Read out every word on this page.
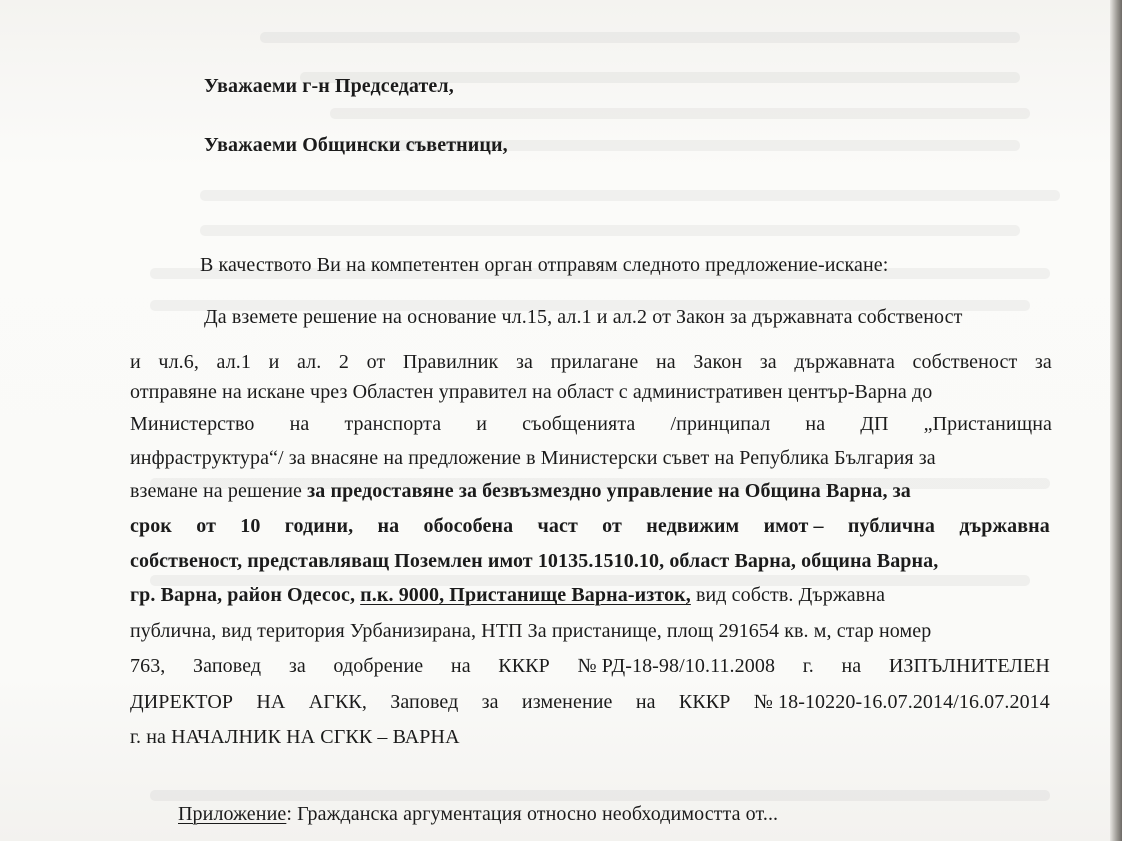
Уважаеми г-н Председател,
Уважаеми Общински съветници,
В качеството Ви на компетентен орган отправям следното предложение-искане:
Да вземете решение на основание чл.15, ал.1 и ал.2 от Закон за държавната собственост
и чл.6, ал.1 и ал. 2 от Правилник за прилагане на Закон за държавната собственост за
отправяне на искане чрез Областен управител на област с административен център-Варна до
Министерство на транспорта и съобщенията /принципал на ДП „Пристанищна
инфраструктура“/ за внасяне на предложение в Министерски съвет на Република България за
вземане на решение за предоставяне за безвъзмездно управление на Община Варна, за
срок от 10 години, на обособена част от недвижим имот – публична държавна
собственост, представляващ Поземлен имот 10135.1510.10, област Варна, община Варна,
гр. Варна, район Одесос, п.к. 9000, Пристанище Варна-изток, вид собств. Държавна
публична, вид територия Урбанизирана, НТП За пристанище, площ 291654 кв. м, стар номер
763, Заповед за одобрение на КККР № РД-18-98/10.11.2008 г. на ИЗПЪЛНИТЕЛЕН
ДИРЕКТОР НА АГКК, Заповед за изменение на КККР № 18-10220-16.07.2014/16.07.2014
г. на НАЧАЛНИК НА СГКК – ВАРНА
Приложение: Гражданска аргументация относно необходимостта от...
